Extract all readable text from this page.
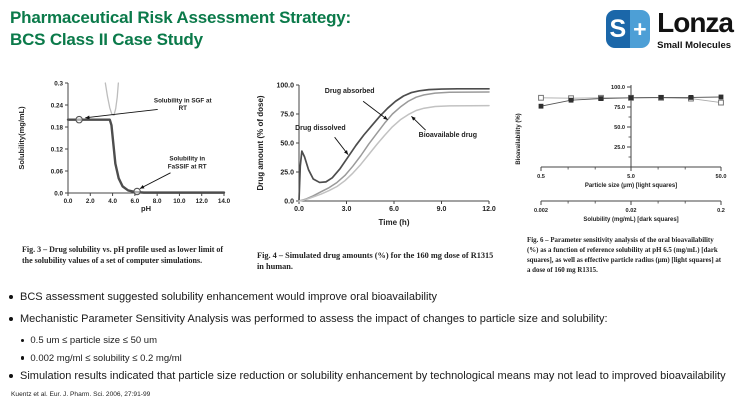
Pharmaceutical Risk Assessment Strategy:
BCS Class II Case Study	S + Lonza
Small Molecules
0.0 2.0 4.0 6.0 8.0 10.0 12.0 14.0
0.0
0.06
0.12
0.18
0.24
0.3
pH
Solubility(mg/mL)
Solubility in SGF at
RT
Solubility in
FaSSIF at RT
Fig. 3 – Drug solubility vs. pH profile used as lower limit of the solubility values of a set of computer simulations.
0.0	3.0	6.0	9.0	12.0
0.0
25.0
50.0
75.0
100.0
Time (h)
Drug amount (% of dose)
Drug absorbed
Drug dissolved
Bioavailable drug
Fig. 4 – Simulated drug amounts (%) for the 160 mg dose of R1315 in human.
25.0
50.0
75.0
100.0
Bioavailability (%)
0.5	5.0	50.0
Particle size (μm) [light squares]
0.002	0.02	0.2
Solubility (mg/mL) [dark squares]
Fig. 6 – Parameter sensitivity analysis of the oral bioavailability (%) as a function of reference solubility at pH 6.5 (mg/mL) [dark squares], as well as effective particle radius (μm) [light squares] at a dose of 160 mg R1315.
BCS assessment suggested solubility enhancement would improve oral bioavailability
Mechanistic Parameter Sensitivity Analysis was performed to assess the impact of changes to particle size and solubility:
0.5 um ≤ particle size ≤ 50 um
0.002 mg/ml ≤ solubility ≤ 0.2 mg/ml
Simulation results indicated that particle size reduction or solubility enhancement by technological means may not lead to improved bioavailability
Kuentz et al. Eur. J. Pharm. Sci. 2006, 27:91-99
